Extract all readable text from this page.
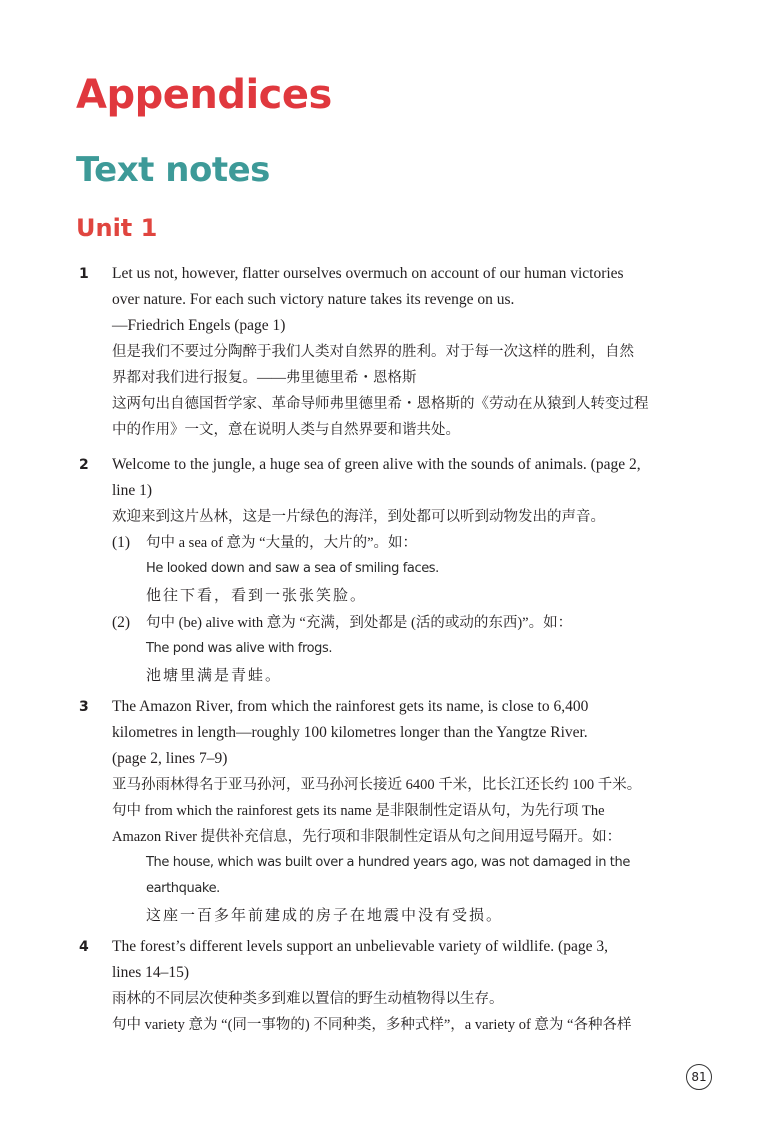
Appendices
Text notes
Unit 1
1 Let us not, however, flatter ourselves overmuch on account of our human victories
over nature. For each such victory nature takes its revenge on us.
—Friedrich Engels (page 1)
但是我们不要过分陶醉于我们人类对自然界的胜利。对于每一次这样的胜利，自然
界都对我们进行报复。——弗里德里希・恩格斯
这两句出自德国哲学家、革命导师弗里德里希・恩格斯的《劳动在从猿到人转变过程
中的作用》一文，意在说明人类与自然界要和谐共处。
2 Welcome to the jungle, a huge sea of green alive with the sounds of animals. (page 2,
line 1)
欢迎来到这片丛林，这是一片绿色的海洋，到处都可以听到动物发出的声音。
(1) 句中 a sea of 意为 “大量的，大片的”。如：
He looked down and saw a sea of smiling faces.
他往下看，看到一张张笑脸。
(2) 句中 (be) alive with 意为 “充满，到处都是 (活的或动的东西)”。如：
The pond was alive with frogs.
池塘里满是青蛙。
3 The Amazon River, from which the rainforest gets its name, is close to 6,400
kilometres in length—roughly 100 kilometres longer than the Yangtze River.
(page 2, lines 7–9)
亚马孙雨林得名于亚马孙河，亚马孙河长接近 6400 千米，比长江还长约 100 千米。
句中 from which the rainforest gets its name 是非限制性定语从句，为先行项 The
Amazon River 提供补充信息，先行项和非限制性定语从句之间用逗号隔开。如：
The house, which was built over a hundred years ago, was not damaged in the
earthquake.
这座一百多年前建成的房子在地震中没有受损。
4 The forest’s different levels support an unbelievable variety of wildlife. (page 3,
lines 14–15)
雨林的不同层次使种类多到难以置信的野生动植物得以生存。
句中 variety 意为 “(同一事物的) 不同种类，多种式样”，a variety of 意为 “各种各样
81
